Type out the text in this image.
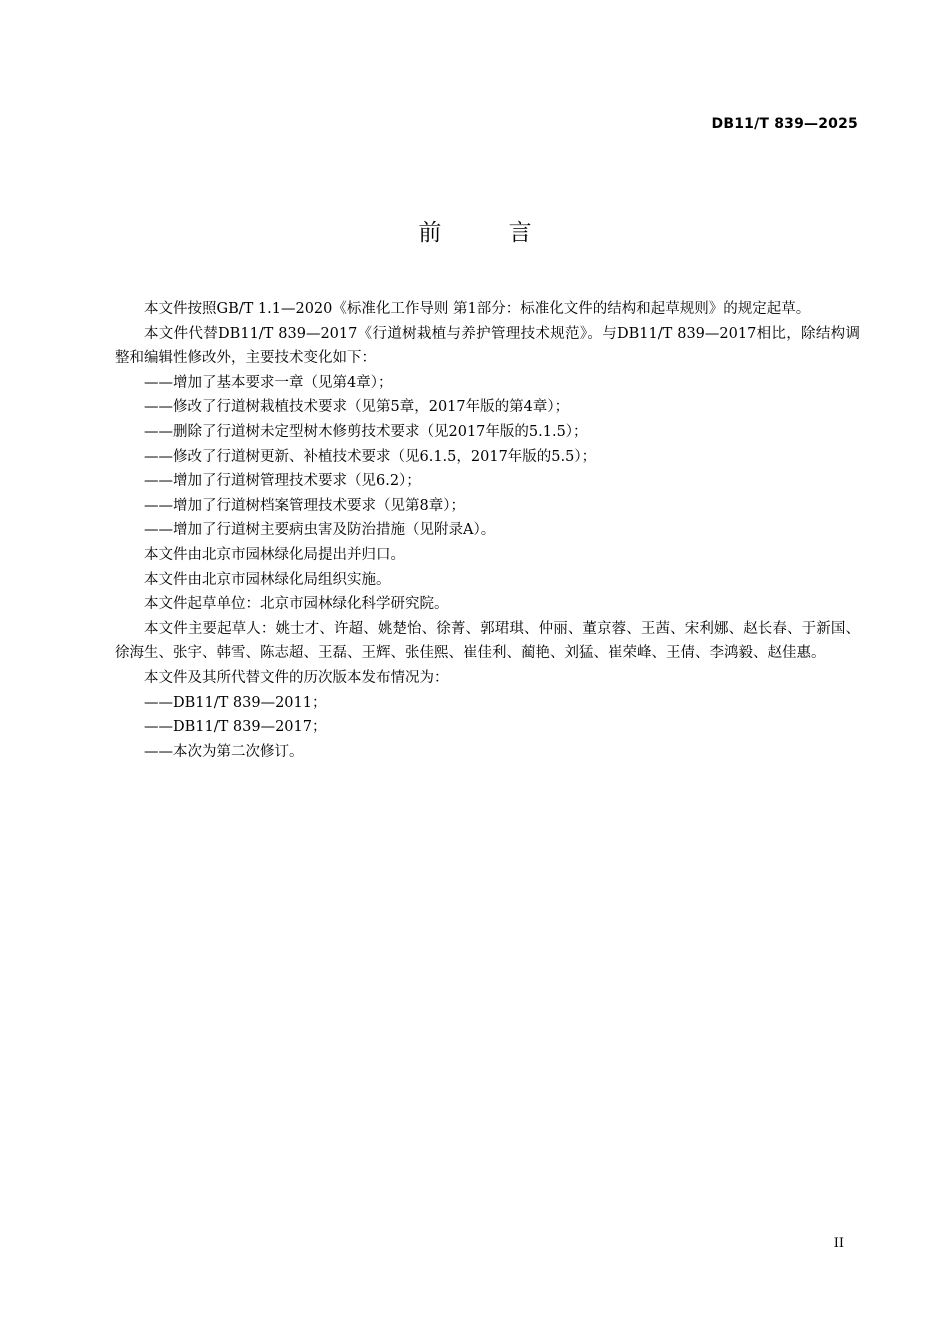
DB11/T 839—2025
前 言

本文件按照GB/T 1.1—2020《标准化工作导则 第1部分：标准化文件的结构和起草规则》的规定起草。

本文件代替DB11/T 839—2017《行道树栽植与养护管理技术规范》。与DB11/T 839—2017相比，除结构调整和编辑性修改外，主要技术变化如下：

——增加了基本要求一章（见第4章）；

——修改了行道树栽植技术要求（见第5章，2017年版的第4章）；

——删除了行道树未定型树木修剪技术要求（见2017年版的5.1.5）；

——修改了行道树更新、补植技术要求（见6.1.5，2017年版的5.5）；

——增加了行道树管理技术要求（见6.2）；

——增加了行道树档案管理技术要求（见第8章）；

——增加了行道树主要病虫害及防治措施（见附录A）。

本文件由北京市园林绿化局提出并归口。

本文件由北京市园林绿化局组织实施。

本文件起草单位：北京市园林绿化科学研究院。

本文件主要起草人：姚士才、许超、姚楚怡、徐菁、郭珺琪、仲丽、董京蓉、王茜、宋利娜、赵长春、于新国、徐海生、张宇、韩雪、陈志超、王磊、王辉、张佳熙、崔佳利、蔺艳、刘猛、崔荣峰、王倩、李鸿毅、赵佳惠。

本文件及其所代替文件的历次版本发布情况为：

——DB11/T 839—2011；

——DB11/T 839—2017；

——本次为第二次修订。

II
